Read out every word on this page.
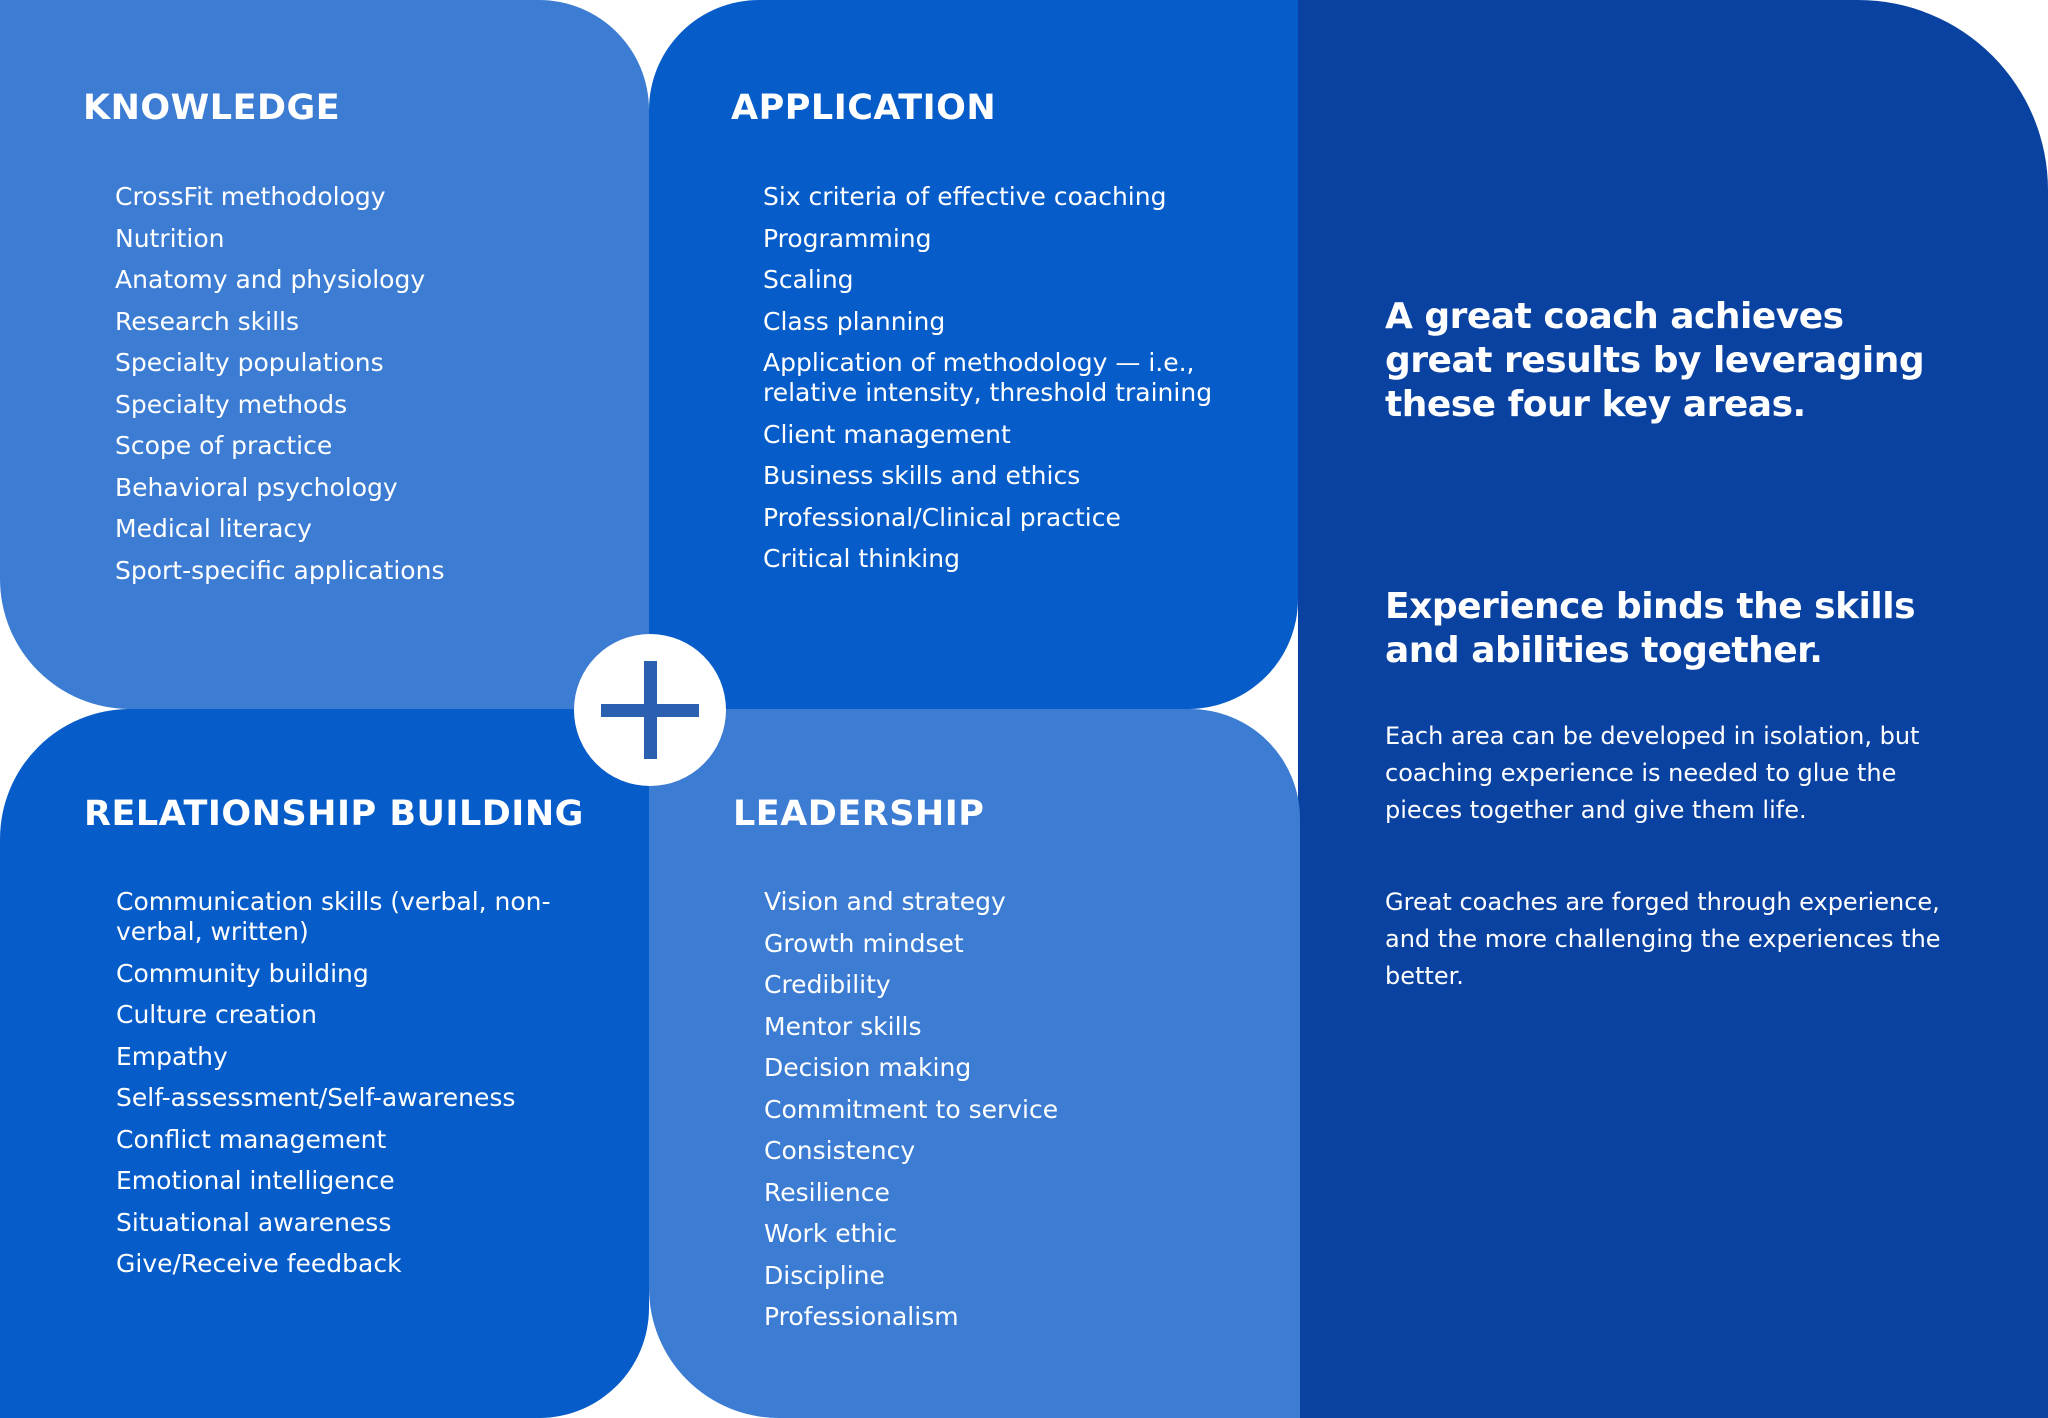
A great coach achieves great results by leveraging these four key areas.
Experience binds the skills and abilities together.

Each area can be developed in isolation, but coaching experience is needed to glue the pieces together and give them life.

Great coaches are forged through experience, and the more challenging the experiences the better.

KNOWLEDGE
CrossFit methodology
Nutrition
Anatomy and physiology
Research skills
Specialty populations
Specialty methods
Scope of practice
Behavioral psychology
Medical literacy
Sport-specific applications
APPLICATION
Six criteria of effective coaching
Programming
Scaling
Class planning
Application of methodology — i.e., relative intensity, threshold training
Client management
Business skills and ethics
Professional/Clinical practice
Critical thinking
RELATIONSHIP BUILDING
Communication skills (verbal, non-verbal, written)
Community building
Culture creation
Empathy
Self-assessment/Self-awareness
Conflict management
Emotional intelligence
Situational awareness
Give/Receive feedback
LEADERSHIP
Vision and strategy
Growth mindset
Credibility
Mentor skills
Decision making
Commitment to service
Consistency
Resilience
Work ethic
Discipline
Professionalism
